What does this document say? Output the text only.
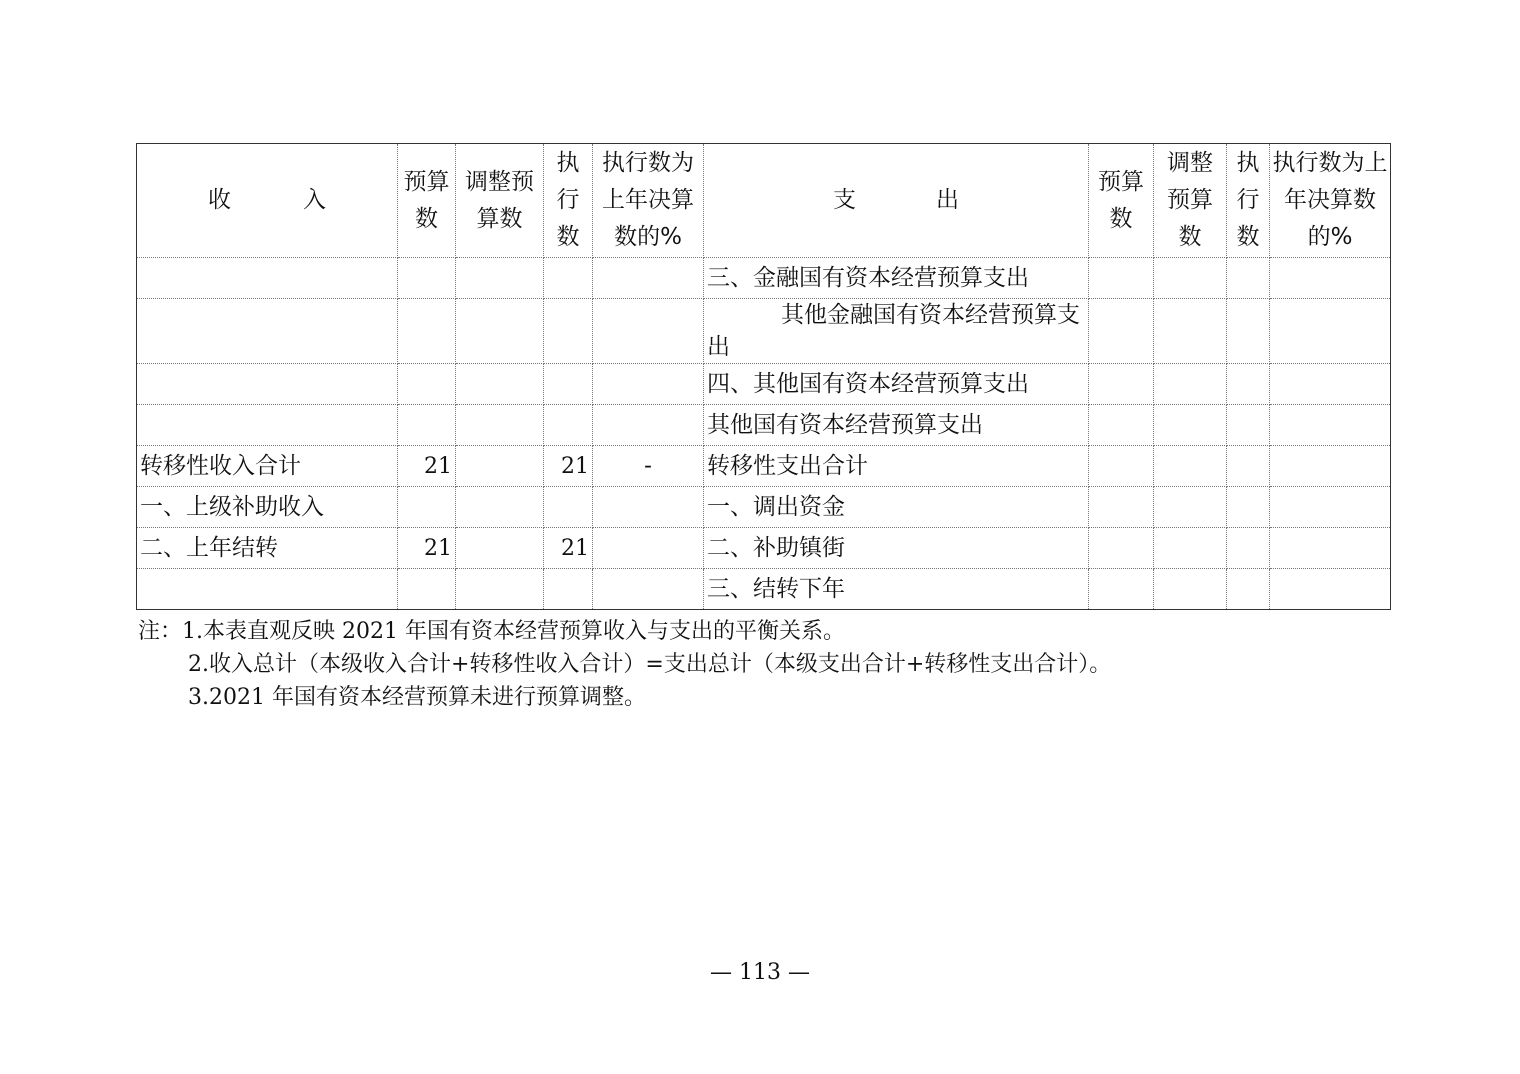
收 入	预算数	调整预算数	执行数	执行数为上年决算数的%	支 出	预算数	调整预算数	执行数	执行数为上年决算数的%
					三、金融国有资本经营预算支出				
					其他金融国有资本经营预算支出				
					四、其他国有资本经营预算支出				
					其他国有资本经营预算支出				
转移性收入合计	21		21	-	转移性支出合计				
一、上级补助收入					一、调出资金				
二、上年结转	21		21		二、补助镇街				
					三、结转下年				
注：1.本表直观反映 2021 年国有资本经营预算收入与支出的平衡关系。
2.收入总计（本级收入合计+转移性收入合计）=支出总计（本级支出合计+转移性支出合计）。
3.2021 年国有资本经营预算未进行预算调整。
— 113 —
